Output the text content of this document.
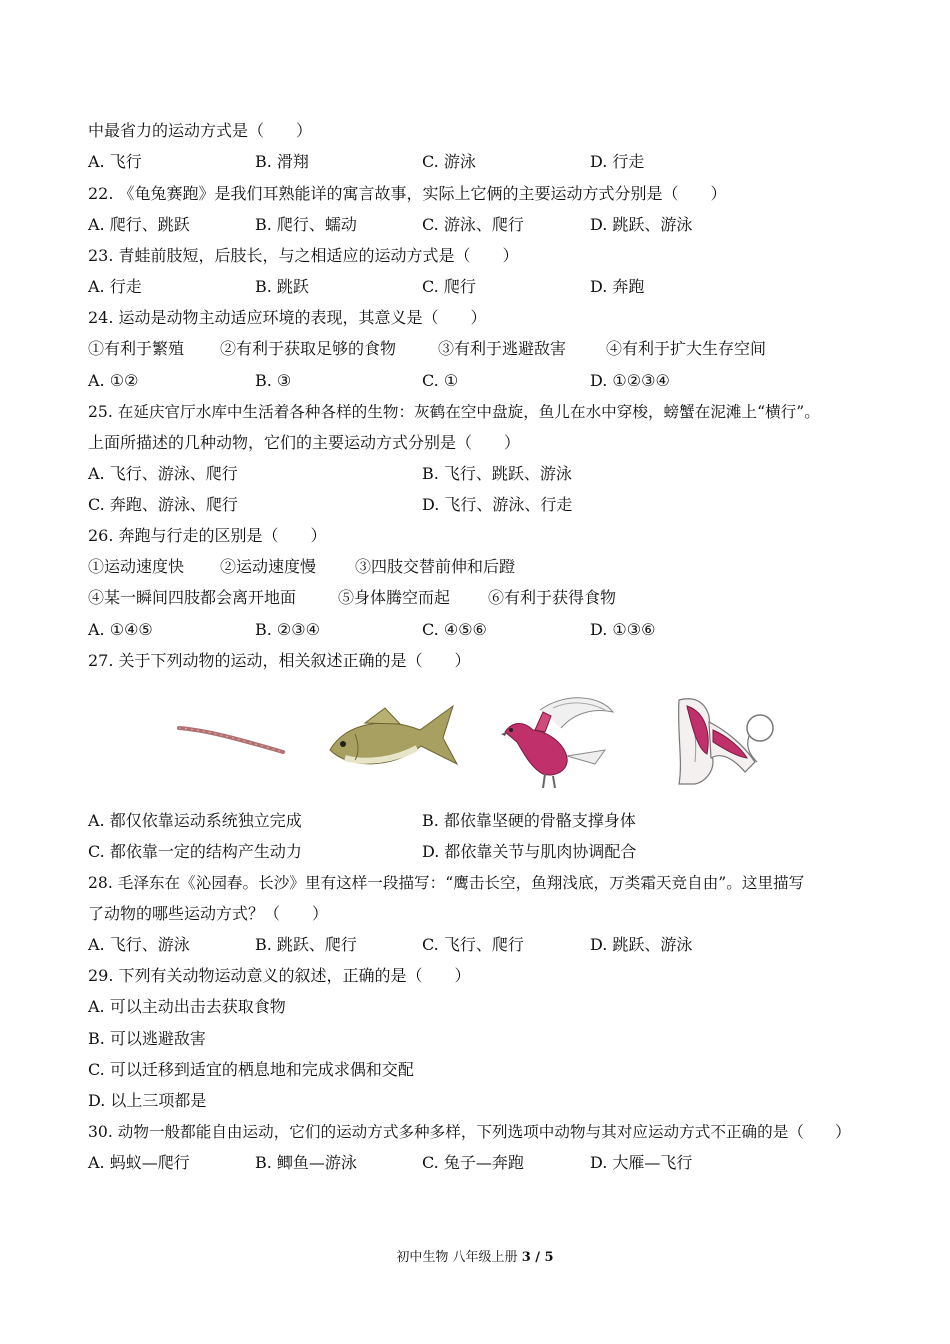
中最省力的运动方式是（　　）
A. 飞行	B. 滑翔	C. 游泳	D. 行走
22. 《龟兔赛跑》是我们耳熟能详的寓言故事，实际上它俩的主要运动方式分别是（　　）
A. 爬行、跳跃	B. 爬行、蠕动	C. 游泳、爬行	D. 跳跃、游泳
23. 青蛙前肢短，后肢长，与之相适应的运动方式是（　　）
A. 行走	B. 跳跃	C. 爬行	D. 奔跑
24. 运动是动物主动适应环境的表现，其意义是（　　）
①有利于繁殖 ②有利于获取足够的食物	③有利于逃避敌害 ④有利于扩大生存空间
A. ①②	B. ③	C. ①	D. ①②③④
25. 在延庆官厅水库中生活着各种各样的生物：灰鹤在空中盘旋，鱼儿在水中穿梭，螃蟹在泥滩上“横行”。
上面所描述的几种动物，它们的主要运动方式分别是（　　）
A. 飞行、游泳、爬行	B. 飞行、跳跃、游泳
C. 奔跑、游泳、爬行	D. 飞行、游泳、行走
26. 奔跑与行走的区别是（　　）
①运动速度快 ②运动速度慢 ③四肢交替前伸和后蹬
④某一瞬间四肢都会离开地面	⑤身体腾空而起 ⑥有利于获得食物
A. ①④⑤	B. ②③④	C. ④⑤⑥	D. ①③⑥
27. 关于下列动物的运动，相关叙述正确的是（　　）
A. 都仅依靠运动系统独立完成	B. 都依靠坚硬的骨骼支撑身体
C. 都依靠一定的结构产生动力	D. 都依靠关节与肌肉协调配合
28. 毛泽东在《沁园春。长沙》里有这样一段描写：“鹰击长空，鱼翔浅底，万类霜天竞自由”。这里描写
了动物的哪些运动方式？（　　）
A. 飞行、游泳	B. 跳跃、爬行	C. 飞行、爬行	D. 跳跃、游泳
29. 下列有关动物运动意义的叙述，正确的是（　　）
A. 可以主动出击去获取食物
B. 可以逃避敌害
C. 可以迁移到适宜的栖息地和完成求偶和交配
D. 以上三项都是
30. 动物一般都能自由运动，它们的运动方式多种多样，下列选项中动物与其对应运动方式不正确的是（　　）
A. 蚂蚁—爬行	B. 鲫鱼—游泳	C. 兔子—奔跑	D. 大雁—飞行
初中生物 八年级上册 3 / 5
